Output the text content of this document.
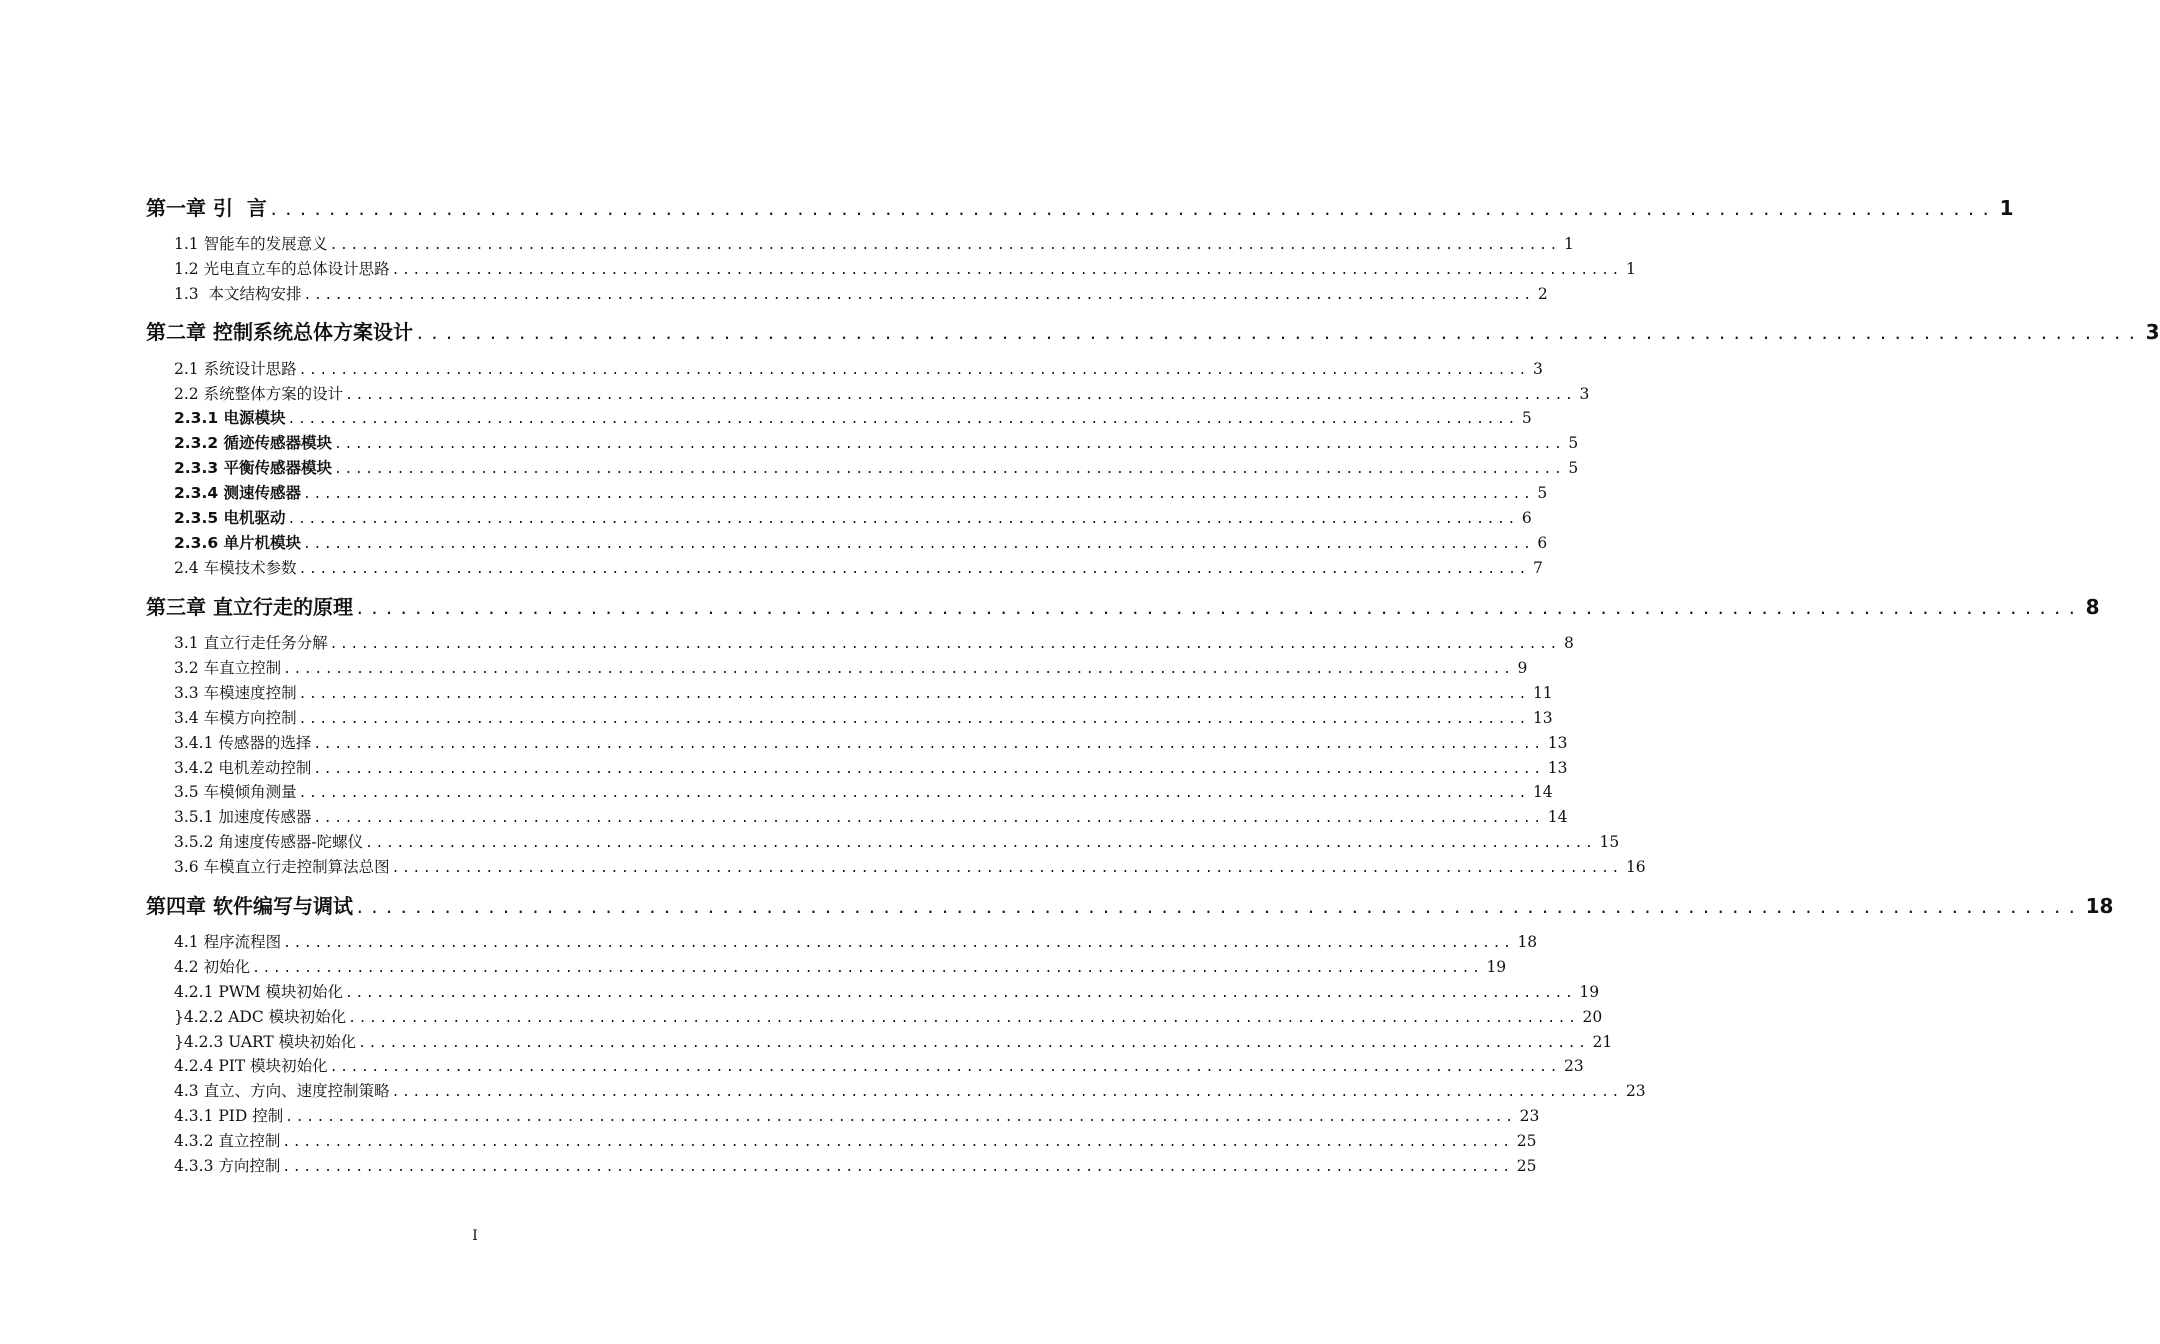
第一章 引  言 ...................................................................................................................... 1
1.1 智能车的发展意义 ...................................................................................................................... 1
1.2 光电直立车的总体设计思路 ...................................................................................................................... 1
1.3  本文结构安排 ...................................................................................................................... 2
第二章 控制系统总体方案设计 ...................................................................................................................... 3
2.1 系统设计思路 ...................................................................................................................... 3
2.2 系统整体方案的设计 ...................................................................................................................... 3
2.3.1 电源模块 ...................................................................................................................... 5
2.3.2 循迹传感器模块 ...................................................................................................................... 5
2.3.3 平衡传感器模块 ...................................................................................................................... 5
2.3.4 测速传感器 ...................................................................................................................... 5
2.3.5 电机驱动 ...................................................................................................................... 6
2.3.6 单片机模块 ...................................................................................................................... 6
2.4 车模技术参数 ...................................................................................................................... 7
第三章 直立行走的原理 ...................................................................................................................... 8
3.1 直立行走任务分解 ...................................................................................................................... 8
3.2 车直立控制 ...................................................................................................................... 9
3.3 车模速度控制 ...................................................................................................................... 11
3.4 车模方向控制 ...................................................................................................................... 13
3.4.1 传感器的选择 ...................................................................................................................... 13
3.4.2 电机差动控制 ...................................................................................................................... 13
3.5 车模倾角测量 ...................................................................................................................... 14
3.5.1 加速度传感器 ...................................................................................................................... 14
3.5.2 角速度传感器-陀螺仪 ...................................................................................................................... 15
3.6 车模直立行走控制算法总图 ...................................................................................................................... 16
第四章 软件编写与调试 ...................................................................................................................... 18
4.1 程序流程图 ...................................................................................................................... 18
4.2 初始化 ...................................................................................................................... 19
4.2.1 PWM 模块初始化 ...................................................................................................................... 19
}4.2.2 ADC 模块初始化 ...................................................................................................................... 20
}4.2.3 UART 模块初始化 ...................................................................................................................... 21
4.2.4 PIT 模块初始化 ...................................................................................................................... 23
4.3 直立、方向、速度控制策略 ...................................................................................................................... 23
4.3.1 PID 控制 ...................................................................................................................... 23
4.3.2 直立控制 ...................................................................................................................... 25
4.3.3 方向控制 ...................................................................................................................... 25
I
